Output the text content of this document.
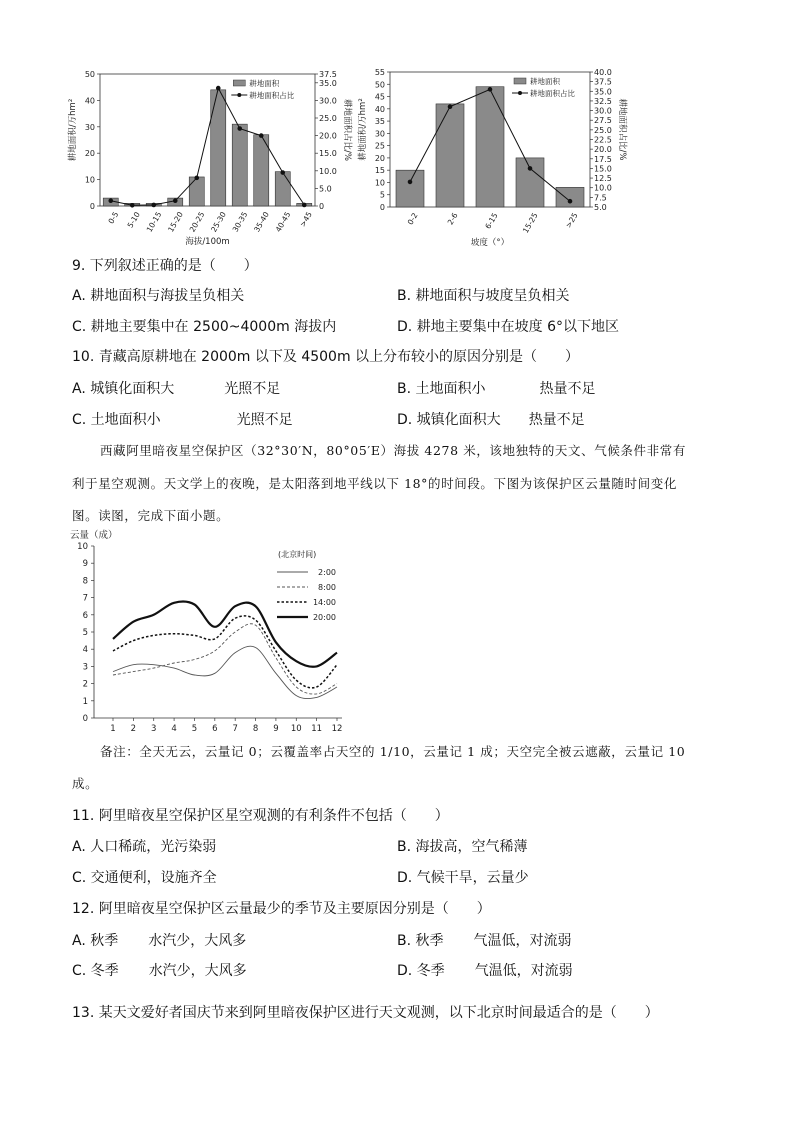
0
10
20
30
40
50
0
5.0
10.0
15.0
20.0
25.0
30.0
35.0
37.5
0-5 5-10 10-15 15-20 20-25 25-30 30-35 35-40 40-45 >45
海拔/100m
耕地面积/万hm²	耕地面积占比/%
耕地面积
耕地面积占比
0
5
10
15
20
25
30
35
40
45
50
55
5.0
7.5
10.0
12.5
15.0
17.5
20.0
22.5
25.0
27.5
30.0
32.5
35.0
37.5
40.0
0-2	2-6	6-15	15-25	>25
坡度（°）
耕地面积/万hm²	耕地面积占比/%
耕地面积
耕地面积占比
9. 下列叙述正确的是（　　）
A. 耕地面积与海拔呈负相关	B. 耕地面积与坡度呈负相关
C. 耕地主要集中在 2500~4000m 海拔内	D. 耕地主要集中在坡度 6°以下地区
10. 青藏高原耕地在 2000m 以下及 4500m 以上分布较小的原因分别是（　　）
A. 城镇化面积大	光照不足	B. 土地面积小	热量不足
C. 土地面积小	光照不足	D. 城镇化面积大 热量不足
西藏阿里暗夜星空保护区（32°30′N，80°05′E）海拔 4278 米，该地独特的天文、气候条件非常有
利于星空观测。天文学上的夜晚，是太阳落到地平线以下 18°的时间段。下图为该保护区云量随时间变化
图。读图，完成下面小题。
0
1
2
3
4
5
6
7
8
9
10
1 2 3 4 5 6 7 8 9 10 11 12
云量（成）
(北京时间)
2:00
8:00
14:00
20:00
备注：全天无云，云量记 0；云覆盖率占天空的 1/10，云量记 1 成；天空完全被云遮蔽，云量记 10
成。
11. 阿里暗夜星空保护区星空观测的有利条件不包括（　　）
A. 人口稀疏，光污染弱	B. 海拔高，空气稀薄
C. 交通便利，设施齐全	D. 气候干旱，云量少
12. 阿里暗夜星空保护区云量最少的季节及主要原因分别是（　　）
A. 秋季 水汽少，大风多	B. 秋季 气温低，对流弱
C. 冬季 水汽少，大风多	D. 冬季 气温低，对流弱
13. 某天文爱好者国庆节来到阿里暗夜保护区进行天文观测，以下北京时间最适合的是（　　）
